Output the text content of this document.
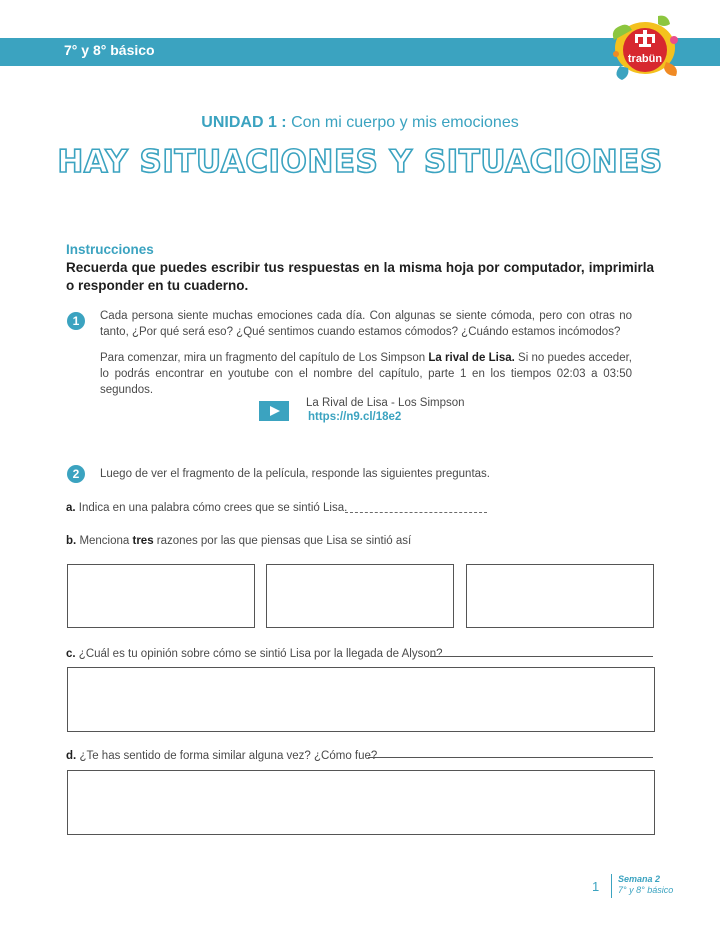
7° y 8° básico
trabün
UNIDAD 1 : Con mi cuerpo y mis emociones
HAY SITUACIONES Y SITUACIONES
Instrucciones
Recuerda que puedes escribir tus respuestas en la misma hoja por computador, imprimirla o responder en tu cuaderno.
1	Cada persona siente muchas emociones cada día. Con algunas se siente cómoda, pero con otras no tanto, ¿Por qué será eso? ¿Qué sentimos cuando estamos cómodos? ¿Cuándo estamos incómodos?
Para comenzar, mira un fragmento del capítulo de Los Simpson La rival de Lisa. Si no puedes acceder, lo podrás encontrar en youtube con el nombre del capítulo, parte 1 en los tiempos 02:03 a 03:50 segundos.
La Rival de Lisa - Los Simpson
https://n9.cl/18e2
2	Luego de ver el fragmento de la película, responde las siguientes preguntas.
a. Indica en una palabra cómo crees que se sintió Lisa.
b. Menciona tres razones por las que piensas que Lisa se sintió así
c. ¿Cuál es tu opinión sobre cómo se sintió Lisa por la llegada de Alyson?
d. ¿Te has sentido de forma similar alguna vez? ¿Cómo fue?
1 Semana 2
7° y 8° básico
